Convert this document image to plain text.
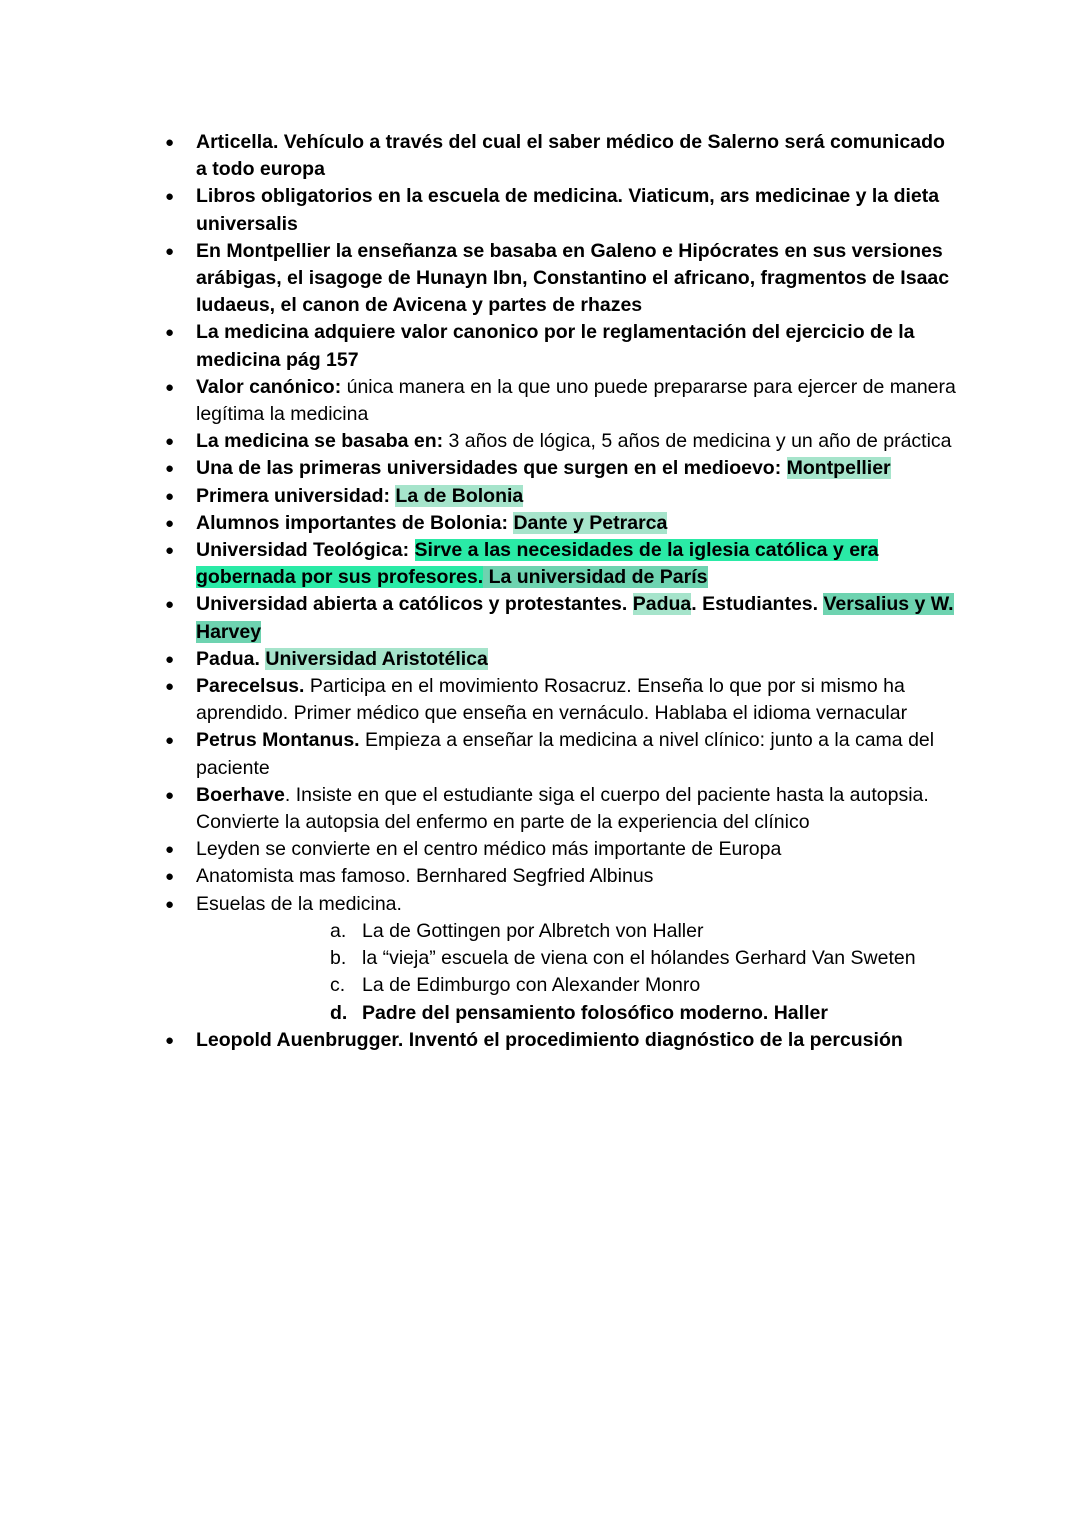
● Articella. Vehículo a través del cual el saber médico de Salerno será comunicado a todo europa
● Libros obligatorios en la escuela de medicina. Viaticum, ars medicinae y la dieta universalis
● En Montpellier la enseñanza se basaba en Galeno e Hipócrates en sus versiones arábigas, el isagoge de Hunayn Ibn, Constantino el africano, fragmentos de Isaac Iudaeus, el canon de Avicena y partes de rhazes
● La medicina adquiere valor canonico por le reglamentación del ejercicio de la medicina pág 157
● Valor canónico: única manera en la que uno puede prepararse para ejercer de manera legítima la medicina
● La medicina se basaba en: 3 años de lógica, 5 años de medicina y un año de práctica
● Una de las primeras universidades que surgen en el medioevo: Montpellier
● Primera universidad: La de Bolonia
● Alumnos importantes de Bolonia: Dante y Petrarca
● Universidad Teológica: Sirve a las necesidades de la iglesia católica y era gobernada por sus profesores. La universidad de París
● Universidad abierta a católicos y protestantes. Padua. Estudiantes. Versalius y W. Harvey
● Padua. Universidad Aristotélica
● Parecelsus. Participa en el movimiento Rosacruz. Enseña lo que por si mismo ha aprendido. Primer médico que enseña en vernáculo. Hablaba el idioma vernacular
● Petrus Montanus. Empieza a enseñar la medicina a nivel clínico: junto a la cama del paciente
● Boerhave. Insiste en que el estudiante siga el cuerpo del paciente hasta la autopsia. Convierte la autopsia del enfermo en parte de la experiencia del clínico
● Leyden se convierte en el centro médico más importante de Europa
● Anatomista mas famoso. Bernhared Segfried Albinus
● Esuelas de la medicina.
a. La de Gottingen por Albretch von Haller
b. la “vieja” escuela de viena con el hólandes Gerhard Van Sweten
c. La de Edimburgo con Alexander Monro
d. Padre del pensamiento folosófico moderno. Haller
● Leopold Auenbrugger. Inventó el procedimiento diagnóstico de la percusión
